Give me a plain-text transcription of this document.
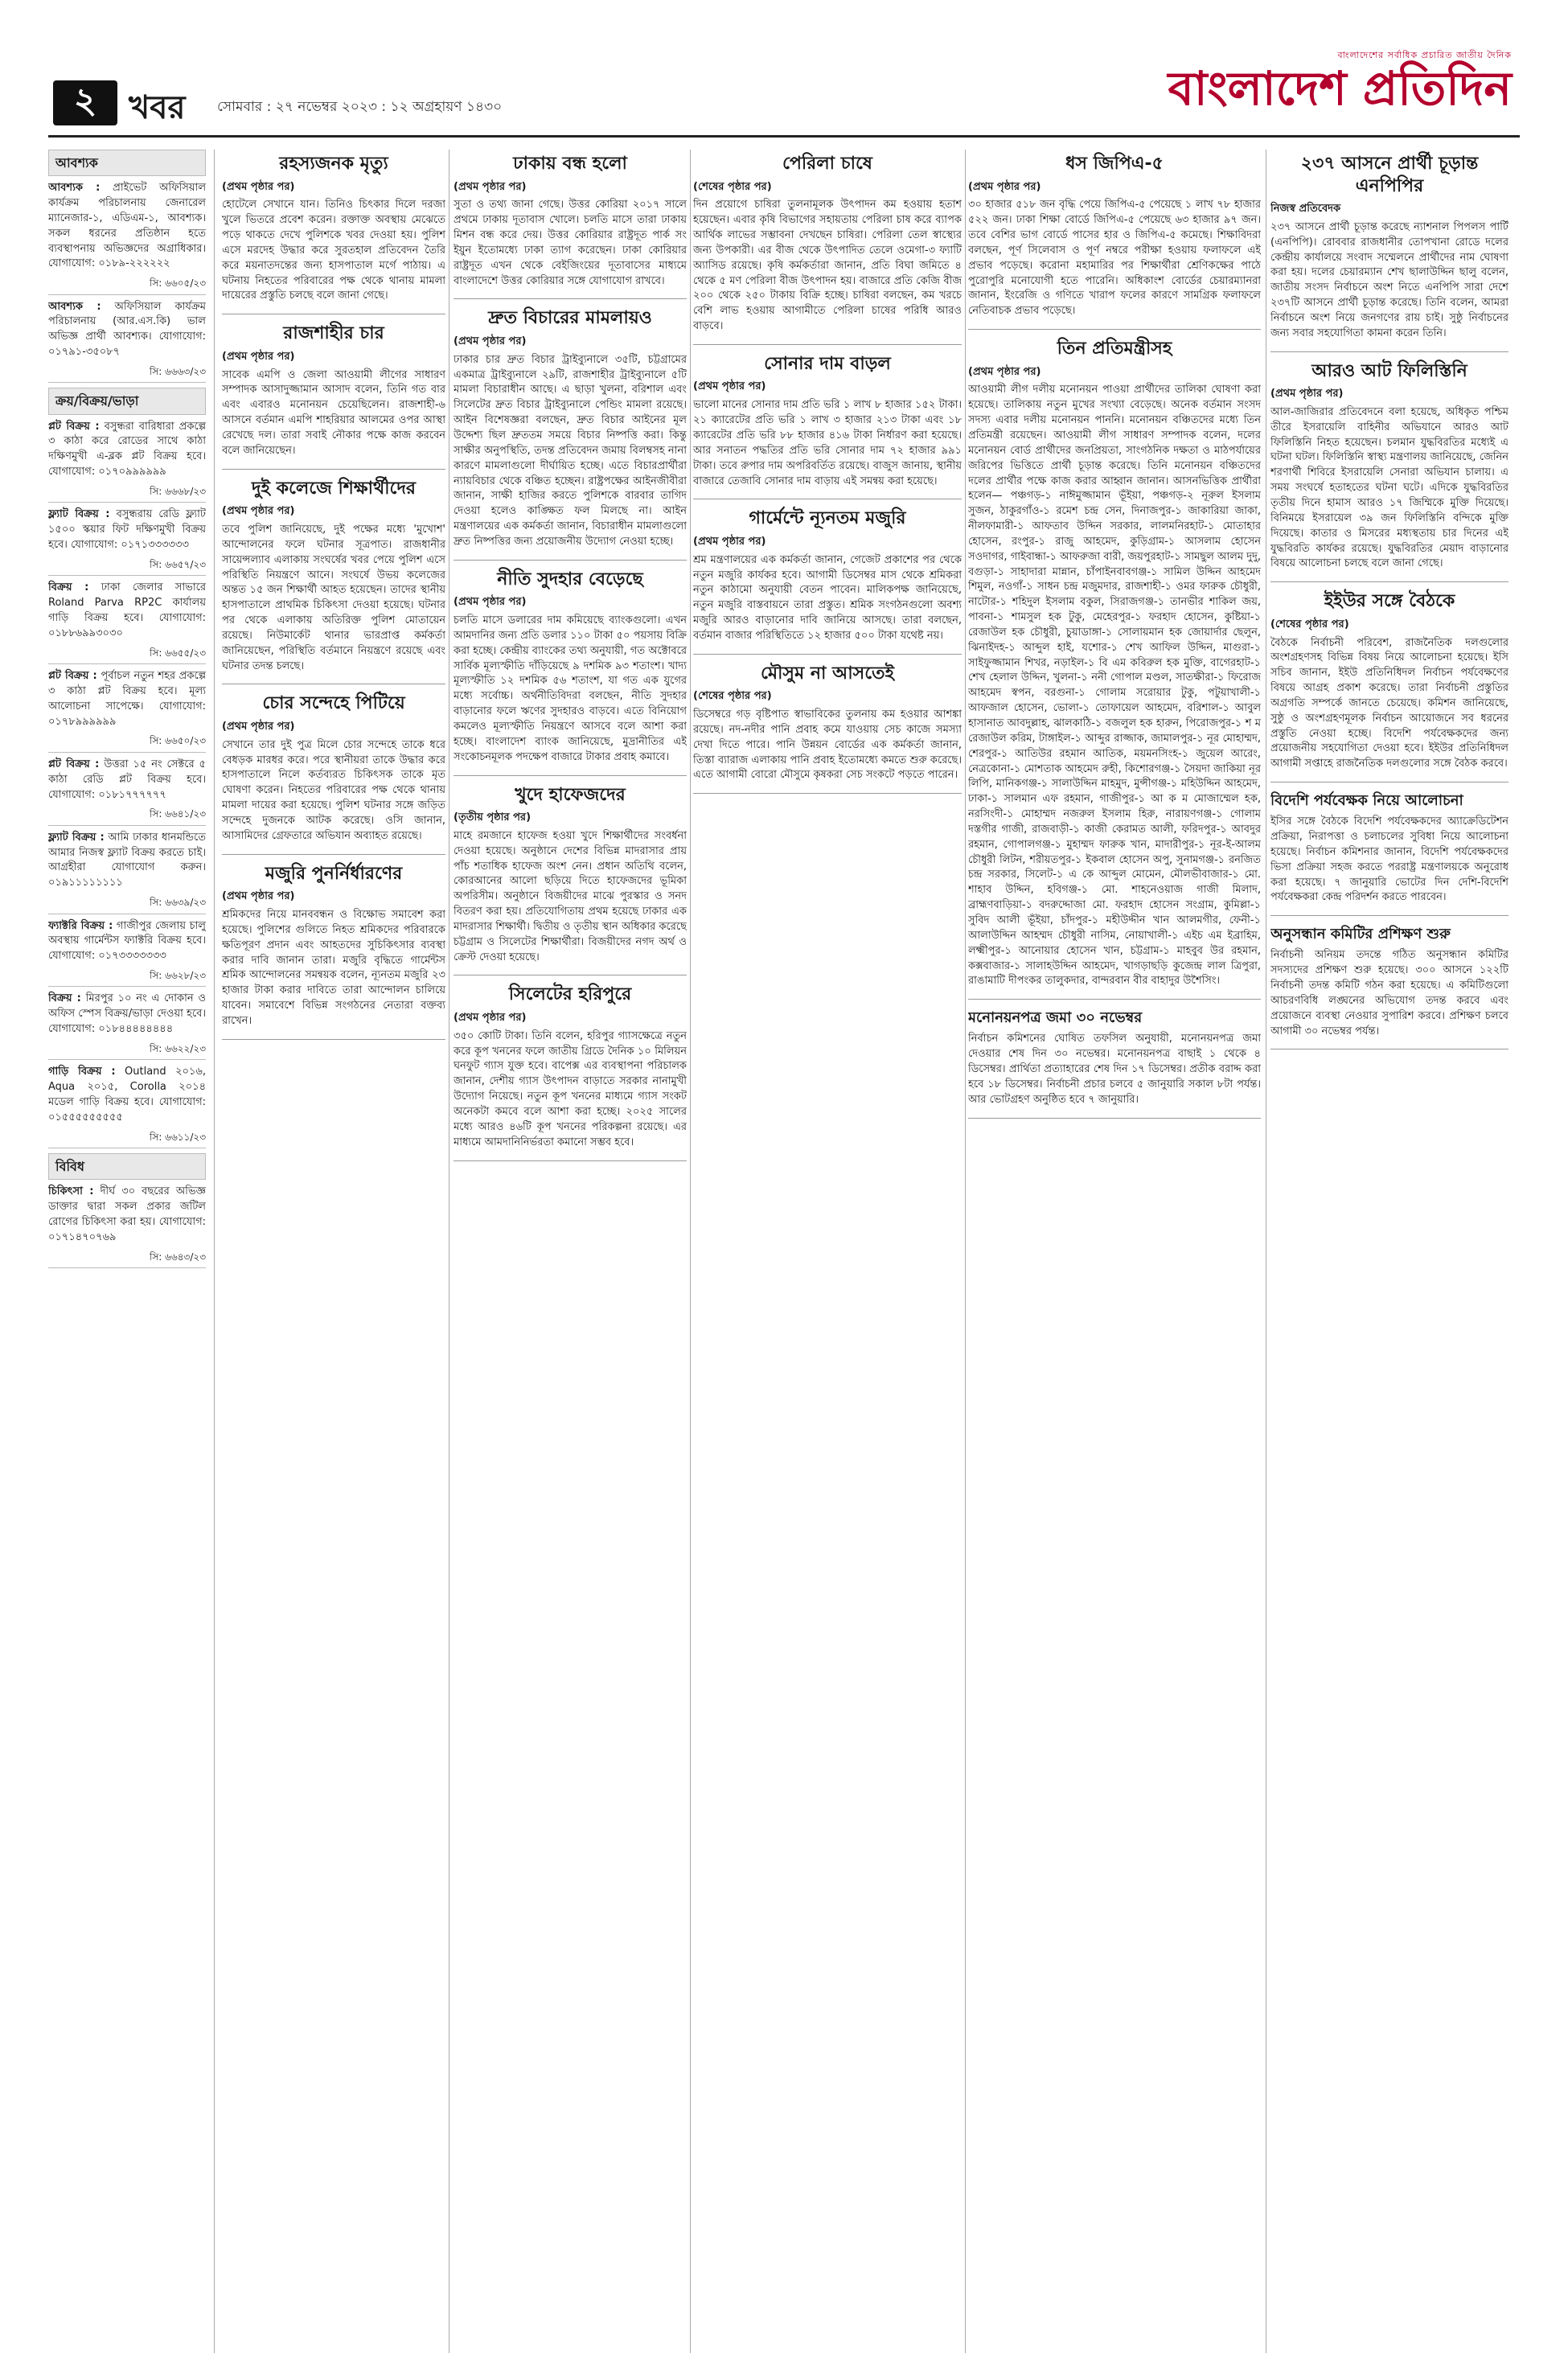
২ খবর সোমবার : ২৭ নভেম্বর ২০২৩ : ১২ অগ্রহায়ণ ১৪৩০
বাংলাদেশের সর্বাধিক প্রচারিত জাতীয় দৈনিক
বাংলাদেশ প্রতিদিন
আবশ্যক

আবশ্যক : প্রাইভেট অফিসিয়াল কার্যক্রম পরিচালনায় জেনারেল ম্যানেজার-১, এডিএম-১, আবশ্যক। সকল ধরনের প্রতিষ্ঠান হতে ব্যবস্থাপনায় অভিজ্ঞদের অগ্রাধিকার। যোগাযোগ: ০১৮৯-২২২২২২

সি: ৬৬০৫/২৩

আবশ্যক : অফিসিয়াল কার্যক্রম পরিচালনায় (আর.এস.কি) ভাল অভিজ্ঞ প্রার্থী আবশ্যক। যোগাযোগ: ০১৭৯১-৩৫০৮৭

সি: ৬৬৬৩/২৩
ক্রয়/বিক্রয়/ভাড়া

প্লট বিক্রয় : বসুন্ধরা বারিধারা প্রকল্পে ৩ কাঠা করে রোডের সাথে কাঠা দক্ষিণমুখী এ-ব্লক প্লট বিক্রয় হবে। যোগাযোগ: ০১৭০৯৯৯৯৯৯

সি: ৬৬৬৮/২৩

ফ্ল্যাট বিক্রয় : বসুন্ধরায় রেডি ফ্ল্যাট ১৫০০ স্কয়ার ফিট দক্ষিণমুখী বিক্রয় হবে। যোগাযোগ: ০১৭১৩৩৩৩৩৩

সি: ৬৬৫৭/২৩

বিক্রয় : ঢাকা জেলার সাভারে Roland Parva RP2C কার্যালয় গাড়ি বিক্রয় হবে। যোগাযোগ: ০১৮৮৬৯৯৩০৩০

সি: ৬৬৫৫/২৩

প্লট বিক্রয় : পূর্বাচল নতুন শহর প্রকল্পে ৩ কাঠা প্লট বিক্রয় হবে। মূল্য আলোচনা সাপেক্ষে। যোগাযোগ: ০১৭৮৯৯৯৯৯৯

সি: ৬৬৫০/২৩

প্লট বিক্রয় : উত্তরা ১৫ নং সেক্টরে ৫ কাঠা রেডি প্লট বিক্রয় হবে। যোগাযোগ: ০১৮১৭৭৭৭৭৭

সি: ৬৬৪১/২৩

ফ্ল্যাট বিক্রয় : আমি ঢাকার ধানমন্ডিতে আমার নিজস্ব ফ্ল্যাট বিক্রয় করতে চাই। আগ্রহীরা যোগাযোগ করুন। ০১৯১১১১১১১১

সি: ৬৬৩৯/২৩

ফ্যাক্টরি বিক্রয় : গাজীপুর জেলায় চালু অবস্থায় গার্মেন্টস ফ্যাক্টরি বিক্রয় হবে। যোগাযোগ: ০১৭৩৩৩৩৩৩৩

সি: ৬৬২৮/২৩

বিক্রয় : মিরপুর ১০ নং এ দোকান ও অফিস স্পেস বিক্রয়/ভাড়া দেওয়া হবে। যোগাযোগ: ০১৮৪৪৪৪৪৪৪৪

সি: ৬৬২২/২৩

গাড়ি বিক্রয় : Outland ২০১৬, Aqua ২০১৫, Corolla ২০১৪ মডেল গাড়ি বিক্রয় হবে। যোগাযোগ: ০১৫৫৫৫৫৫৫৫৫

সি: ৬৬১১/২৩
বিবিধ

চিকিৎসা : দীর্ঘ ৩০ বছরের অভিজ্ঞ ডাক্তার দ্বারা সকল প্রকার জটিল রোগের চিকিৎসা করা হয়। যোগাযোগ: ০১৭১৪৭০৭৬৯

সি: ৬৬৪৩/২৩
রহস্যজনক মৃত্যু
(প্রথম পৃষ্ঠার পর)

হোটেলে সেখানে যান। তিনিও চিৎকার দিলে দরজা খুলে ভিতরে প্রবেশ করেন। রক্তাক্ত অবস্থায় মেঝেতে পড়ে থাকতে দেখে পুলিশকে খবর দেওয়া হয়। পুলিশ এসে মরদেহ উদ্ধার করে সুরতহাল প্রতিবেদন তৈরি করে ময়নাতদন্তের জন্য হাসপাতাল মর্গে পাঠায়। এ ঘটনায় নিহতের পরিবারের পক্ষ থেকে থানায় মামলা দায়েরের প্রস্তুতি চলছে বলে জানা গেছে।

রাজশাহীর চার
(প্রথম পৃষ্ঠার পর)

সাবেক এমপি ও জেলা আওয়ামী লীগের সাধারণ সম্পাদক আসাদুজ্জামান আসাদ বলেন, তিনি গত বার এবং এবারও মনোনয়ন চেয়েছিলেন। রাজশাহী-৬ আসনে বর্তমান এমপি শাহরিয়ার আলমের ওপর আস্থা রেখেছে দল। তারা সবাই নৌকার পক্ষে কাজ করবেন বলে জানিয়েছেন।

দুই কলেজে শিক্ষার্থীদের
(প্রথম পৃষ্ঠার পর)

তবে পুলিশ জানিয়েছে, দুই পক্ষের মধ্যে 'মুখোশ' আন্দোলনের ফলে ঘটনার সূত্রপাত। রাজধানীর সায়েন্সল্যাব এলাকায় সংঘর্ষের খবর পেয়ে পুলিশ এসে পরিস্থিতি নিয়ন্ত্রণে আনে। সংঘর্ষে উভয় কলেজের অন্তত ১৫ জন শিক্ষার্থী আহত হয়েছেন। তাদের স্থানীয় হাসপাতালে প্রাথমিক চিকিৎসা দেওয়া হয়েছে। ঘটনার পর থেকে এলাকায় অতিরিক্ত পুলিশ মোতায়েন রয়েছে। নিউমার্কেট থানার ভারপ্রাপ্ত কর্মকর্তা জানিয়েছেন, পরিস্থিতি বর্তমানে নিয়ন্ত্রণে রয়েছে এবং ঘটনার তদন্ত চলছে।

চোর সন্দেহে পিটিয়ে
(প্রথম পৃষ্ঠার পর)

সেখানে তার দুই পুত্র মিলে চোর সন্দেহে তাকে ধরে বেধড়ক মারধর করে। পরে স্থানীয়রা তাকে উদ্ধার করে হাসপাতালে নিলে কর্তব্যরত চিকিৎসক তাকে মৃত ঘোষণা করেন। নিহতের পরিবারের পক্ষ থেকে থানায় মামলা দায়ের করা হয়েছে। পুলিশ ঘটনার সঙ্গে জড়িত সন্দেহে দুজনকে আটক করেছে। ওসি জানান, আসামিদের গ্রেফতারে অভিযান অব্যাহত রয়েছে।

মজুরি পুনর্নির্ধারণের
(প্রথম পৃষ্ঠার পর)

শ্রমিকদের নিয়ে মানববন্ধন ও বিক্ষোভ সমাবেশ করা হয়েছে। পুলিশের গুলিতে নিহত শ্রমিকদের পরিবারকে ক্ষতিপূরণ প্রদান এবং আহতদের সুচিকিৎসার ব্যবস্থা করার দাবি জানান তারা। মজুরি বৃদ্ধিতে গার্মেন্টস শ্রমিক আন্দোলনের সমন্বয়ক বলেন, ন্যূনতম মজুরি ২৩ হাজার টাকা করার দাবিতে তারা আন্দোলন চালিয়ে যাবেন। সমাবেশে বিভিন্ন সংগঠনের নেতারা বক্তব্য রাখেন।

ঢাকায় বন্ধ হলো
(প্রথম পৃষ্ঠার পর)

সুতা ও তথ্য জানা গেছে। উত্তর কোরিয়া ২০১৭ সালে প্রথমে ঢাকায় দূতাবাস খোলে। চলতি মাসে তারা ঢাকায় মিশন বন্ধ করে দেয়। উত্তর কোরিয়ার রাষ্ট্রদূত পার্ক সং ইয়ুন ইতোমধ্যে ঢাকা ত্যাগ করেছেন। ঢাকা কোরিয়ার রাষ্ট্রদূত এখন থেকে বেইজিংয়ের দূতাবাসের মাধ্যমে বাংলাদেশে উত্তর কোরিয়ার সঙ্গে যোগাযোগ রাখবে।

দ্রুত বিচারের মামলায়ও
(প্রথম পৃষ্ঠার পর)

ঢাকার চার দ্রুত বিচার ট্রাইব্যুনালে ৩৫টি, চট্টগ্রামের একমাত্র ট্রাইব্যুনালে ২৯টি, রাজশাহীর ট্রাইব্যুনালে ৫টি মামলা বিচারাধীন আছে। এ ছাড়া খুলনা, বরিশাল এবং সিলেটের দ্রুত বিচার ট্রাইব্যুনালে পেন্ডিং মামলা রয়েছে। আইন বিশেষজ্ঞরা বলছেন, দ্রুত বিচার আইনের মূল উদ্দেশ্য ছিল দ্রুততম সময়ে বিচার নিষ্পত্তি করা। কিন্তু সাক্ষীর অনুপস্থিতি, তদন্ত প্রতিবেদন জমায় বিলম্বসহ নানা কারণে মামলাগুলো দীর্ঘায়িত হচ্ছে। এতে বিচারপ্রার্থীরা ন্যায়বিচার থেকে বঞ্চিত হচ্ছেন। রাষ্ট্রপক্ষের আইনজীবীরা জানান, সাক্ষী হাজির করতে পুলিশকে বারবার তাগিদ দেওয়া হলেও কাঙ্ক্ষিত ফল মিলছে না। আইন মন্ত্রণালয়ের এক কর্মকর্তা জানান, বিচারাধীন মামলাগুলো দ্রুত নিষ্পত্তির জন্য প্রয়োজনীয় উদ্যোগ নেওয়া হচ্ছে।

নীতি সুদহার বেড়েছে
(প্রথম পৃষ্ঠার পর)

চলতি মাসে ডলারের দাম কমিয়েছে ব্যাংকগুলো। এখন আমদানির জন্য প্রতি ডলার ১১০ টাকা ৫০ পয়সায় বিক্রি করা হচ্ছে। কেন্দ্রীয় ব্যাংকের তথ্য অনুযায়ী, গত অক্টোবরে সার্বিক মূল্যস্ফীতি দাঁড়িয়েছে ৯ দশমিক ৯৩ শতাংশ। খাদ্য মূল্যস্ফীতি ১২ দশমিক ৫৬ শতাংশ, যা গত এক যুগের মধ্যে সর্বোচ্চ। অর্থনীতিবিদরা বলছেন, নীতি সুদহার বাড়ানোর ফলে ঋণের সুদহারও বাড়বে। এতে বিনিয়োগ কমলেও মূল্যস্ফীতি নিয়ন্ত্রণে আসবে বলে আশা করা হচ্ছে। বাংলাদেশ ব্যাংক জানিয়েছে, মুদ্রানীতির এই সংকোচনমূলক পদক্ষেপ বাজারে টাকার প্রবাহ কমাবে।

খুদে হাফেজদের
(তৃতীয় পৃষ্ঠার পর)

মাহে রমজানে হাফেজ হওয়া খুদে শিক্ষার্থীদের সংবর্ধনা দেওয়া হয়েছে। অনুষ্ঠানে দেশের বিভিন্ন মাদরাসার প্রায় পাঁচ শতাধিক হাফেজ অংশ নেন। প্রধান অতিথি বলেন, কোরআনের আলো ছড়িয়ে দিতে হাফেজদের ভূমিকা অপরিসীম। অনুষ্ঠানে বিজয়ীদের মাঝে পুরস্কার ও সনদ বিতরণ করা হয়। প্রতিযোগিতায় প্রথম হয়েছে ঢাকার এক মাদরাসার শিক্ষার্থী। দ্বিতীয় ও তৃতীয় স্থান অধিকার করেছে চট্টগ্রাম ও সিলেটের শিক্ষার্থীরা। বিজয়ীদের নগদ অর্থ ও ক্রেস্ট দেওয়া হয়েছে।

সিলেটের হরিপুরে
(প্রথম পৃষ্ঠার পর)

৩৫০ কোটি টাকা। তিনি বলেন, হরিপুর গ্যাসক্ষেত্রে নতুন করে কূপ খননের ফলে জাতীয় গ্রিডে দৈনিক ১০ মিলিয়ন ঘনফুট গ্যাস যুক্ত হবে। বাপেক্স এর ব্যবস্থাপনা পরিচালক জানান, দেশীয় গ্যাস উৎপাদন বাড়াতে সরকার নানামুখী উদ্যোগ নিয়েছে। নতুন কূপ খননের মাধ্যমে গ্যাস সংকট অনেকটা কমবে বলে আশা করা হচ্ছে। ২০২৫ সালের মধ্যে আরও ৪৬টি কূপ খননের পরিকল্পনা রয়েছে। এর মাধ্যমে আমদানিনির্ভরতা কমানো সম্ভব হবে।

পেরিলা চাষে
(শেষের পৃষ্ঠার পর)

দিন প্রয়োগে চাষিরা তুলনামূলক উৎপাদন কম হওয়ায় হতাশ হয়েছেন। এবার কৃষি বিভাগের সহায়তায় পেরিলা চাষ করে ব্যাপক আর্থিক লাভের সম্ভাবনা দেখছেন চাষিরা। পেরিলা তেল স্বাস্থ্যের জন্য উপকারী। এর বীজ থেকে উৎপাদিত তেলে ওমেগা-৩ ফ্যাটি অ্যাসিড রয়েছে। কৃষি কর্মকর্তারা জানান, প্রতি বিঘা জমিতে ৪ থেকে ৫ মণ পেরিলা বীজ উৎপাদন হয়। বাজারে প্রতি কেজি বীজ ২০০ থেকে ২৫০ টাকায় বিক্রি হচ্ছে। চাষিরা বলছেন, কম খরচে বেশি লাভ হওয়ায় আগামীতে পেরিলা চাষের পরিধি আরও বাড়বে।

সোনার দাম বাড়ল
(প্রথম পৃষ্ঠার পর)

ভালো মানের সোনার দাম প্রতি ভরি ১ লাখ ৮ হাজার ১৫২ টাকা। ২১ ক্যারেটের প্রতি ভরি ১ লাখ ৩ হাজার ২১৩ টাকা এবং ১৮ ক্যারেটের প্রতি ভরি ৮৮ হাজার ৪১৬ টাকা নির্ধারণ করা হয়েছে। আর সনাতন পদ্ধতির প্রতি ভরি সোনার দাম ৭২ হাজার ৯৯১ টাকা। তবে রুপার দাম অপরিবর্তিত রয়েছে। বাজুস জানায়, স্থানীয় বাজারে তেজাবি সোনার দাম বাড়ায় এই সমন্বয় করা হয়েছে।

গার্মেন্টে ন্যূনতম মজুরি
(প্রথম পৃষ্ঠার পর)

শ্রম মন্ত্রণালয়ের এক কর্মকর্তা জানান, গেজেট প্রকাশের পর থেকে নতুন মজুরি কার্যকর হবে। আগামী ডিসেম্বর মাস থেকে শ্রমিকরা নতুন কাঠামো অনুযায়ী বেতন পাবেন। মালিকপক্ষ জানিয়েছে, নতুন মজুরি বাস্তবায়নে তারা প্রস্তুত। শ্রমিক সংগঠনগুলো অবশ্য মজুরি আরও বাড়ানোর দাবি জানিয়ে আসছে। তারা বলছেন, বর্তমান বাজার পরিস্থিতিতে ১২ হাজার ৫০০ টাকা যথেষ্ট নয়।

মৌসুম না আসতেই
(শেষের পৃষ্ঠার পর)

ডিসেম্বরে গড় বৃষ্টিপাত স্বাভাবিকের তুলনায় কম হওয়ার আশঙ্কা রয়েছে। নদ-নদীর পানি প্রবাহ কমে যাওয়ায় সেচ কাজে সমস্যা দেখা দিতে পারে। পানি উন্নয়ন বোর্ডের এক কর্মকর্তা জানান, তিস্তা ব্যারাজ এলাকায় পানি প্রবাহ ইতোমধ্যে কমতে শুরু করেছে। এতে আগামী বোরো মৌসুমে কৃষকরা সেচ সংকটে পড়তে পারেন।

ধস জিপিএ-৫
(প্রথম পৃষ্ঠার পর)

৩০ হাজার ৫১৮ জন বৃদ্ধি পেয়ে জিপিএ-৫ পেয়েছে ১ লাখ ৭৮ হাজার ৫২২ জন। ঢাকা শিক্ষা বোর্ডে জিপিএ-৫ পেয়েছে ৬৩ হাজার ৯৭ জন। তবে বেশির ভাগ বোর্ডে পাসের হার ও জিপিএ-৫ কমেছে। শিক্ষাবিদরা বলছেন, পূর্ণ সিলেবাস ও পূর্ণ নম্বরে পরীক্ষা হওয়ায় ফলাফলে এই প্রভাব পড়েছে। করোনা মহামারির পর শিক্ষার্থীরা শ্রেণিকক্ষের পাঠে পুরোপুরি মনোযোগী হতে পারেনি। অধিকাংশ বোর্ডের চেয়ারম্যানরা জানান, ইংরেজি ও গণিতে খারাপ ফলের কারণে সামগ্রিক ফলাফলে নেতিবাচক প্রভাব পড়েছে।

তিন প্রতিমন্ত্রীসহ
(প্রথম পৃষ্ঠার পর)

আওয়ামী লীগ দলীয় মনোনয়ন পাওয়া প্রার্থীদের তালিকা ঘোষণা করা হয়েছে। তালিকায় নতুন মুখের সংখ্যা বেড়েছে। অনেক বর্তমান সংসদ সদস্য এবার দলীয় মনোনয়ন পাননি। মনোনয়ন বঞ্চিতদের মধ্যে তিন প্রতিমন্ত্রী রয়েছেন। আওয়ামী লীগ সাধারণ সম্পাদক বলেন, দলের মনোনয়ন বোর্ড প্রার্থীদের জনপ্রিয়তা, সাংগঠনিক দক্ষতা ও মাঠপর্যায়ের জরিপের ভিত্তিতে প্রার্থী চূড়ান্ত করেছে। তিনি মনোনয়ন বঞ্চিতদের দলের প্রার্থীর পক্ষে কাজ করার আহ্বান জানান। আসনভিত্তিক প্রার্থীরা হলেন— পঞ্চগড়-১ নাঈমুজ্জামান ভূঁইয়া, পঞ্চগড়-২ নূরুল ইসলাম সুজন, ঠাকুরগাঁও-১ রমেশ চন্দ্র সেন, দিনাজপুর-১ জাকারিয়া জাকা, নীলফামারী-১ আফতাব উদ্দিন সরকার, লালমনিরহাট-১ মোতাহার হোসেন, রংপুর-১ রাজু আহমেদ, কুড়িগ্রাম-১ আসলাম হোসেন সওদাগর, গাইবান্ধা-১ আফরুজা বারী, জয়পুরহাট-১ সামছুল আলম দুদু, বগুড়া-১ সাহাদারা মান্নান, চাঁপাইনবাবগঞ্জ-১ সামিল উদ্দিন আহমেদ শিমুল, নওগাঁ-১ সাধন চন্দ্র মজুমদার, রাজশাহী-১ ওমর ফারুক চৌধুরী, নাটোর-১ শহিদুল ইসলাম বকুল, সিরাজগঞ্জ-১ তানভীর শাকিল জয়, পাবনা-১ শামসুল হক টুকু, মেহেরপুর-১ ফরহাদ হোসেন, কুষ্টিয়া-১ রেজাউল হক চৌধুরী, চুয়াডাঙ্গা-১ সোলায়মান হক জোয়ার্দার ছেলুন, ঝিনাইদহ-১ আব্দুল হাই, যশোর-১ শেখ আফিল উদ্দিন, মাগুরা-১ সাইফুজ্জামান শিখর, নড়াইল-১ বি এম কবিরুল হক মুক্তি, বাগেরহাট-১ শেখ হেলাল উদ্দিন, খুলনা-১ ননী গোপাল মণ্ডল, সাতক্ষীরা-১ ফিরোজ আহমেদ স্বপন, বরগুনা-১ গোলাম সরোয়ার টুকু, পটুয়াখালী-১ আফজাল হোসেন, ভোলা-১ তোফায়েল আহমেদ, বরিশাল-১ আবুল হাসানাত আবদুল্লাহ, ঝালকাঠি-১ বজলুল হক হারুন, পিরোজপুর-১ শ ম রেজাউল করিম, টাঙ্গাইল-১ আব্দুর রাজ্জাক, জামালপুর-১ নূর মোহাম্মদ, শেরপুর-১ আতিউর রহমান আতিক, ময়মনসিংহ-১ জুয়েল আরেং, নেত্রকোনা-১ মোশতাক আহমেদ রুহী, কিশোরগঞ্জ-১ সৈয়দা জাকিয়া নূর লিপি, মানিকগঞ্জ-১ সালাউদ্দিন মাহমুদ, মুন্সীগঞ্জ-১ মহিউদ্দিন আহমেদ, ঢাকা-১ সালমান এফ রহমান, গাজীপুর-১ আ ক ম মোজাম্মেল হক, নরসিংদী-১ মোহাম্মদ নজরুল ইসলাম হিরু, নারায়ণগঞ্জ-১ গোলাম দস্তগীর গাজী, রাজবাড়ী-১ কাজী কেরামত আলী, ফরিদপুর-১ আবদুর রহমান, গোপালগঞ্জ-১ মুহাম্মদ ফারুক খান, মাদারীপুর-১ নূর-ই-আলম চৌধুরী লিটন, শরীয়তপুর-১ ইকবাল হোসেন অপু, সুনামগঞ্জ-১ রনজিত চন্দ্র সরকার, সিলেট-১ এ কে আব্দুল মোমেন, মৌলভীবাজার-১ মো. শাহাব উদ্দিন, হবিগঞ্জ-১ মো. শাহনেওয়াজ গাজী মিলাদ, ব্রাহ্মণবাড়িয়া-১ বদরুদ্দোজা মো. ফরহাদ হোসেন সংগ্রাম, কুমিল্লা-১ সুবিদ আলী ভূঁইয়া, চাঁদপুর-১ মহীউদ্দীন খান আলমগীর, ফেনী-১ আলাউদ্দিন আহম্মদ চৌধুরী নাসিম, নোয়াখালী-১ এইচ এম ইব্রাহিম, লক্ষ্মীপুর-১ আনোয়ার হোসেন খান, চট্টগ্রাম-১ মাহবুব উর রহমান, কক্সবাজার-১ সালাহউদ্দিন আহমেদ, খাগড়াছড়ি কুজেন্দ্র লাল ত্রিপুরা, রাঙামাটি দীপংকর তালুকদার, বান্দরবান বীর বাহাদুর উশৈসিং।

মনোনয়নপত্র জমা ৩০ নভেম্বর

নির্বাচন কমিশনের ঘোষিত তফসিল অনুযায়ী, মনোনয়নপত্র জমা দেওয়ার শেষ দিন ৩০ নভেম্বর। মনোনয়নপত্র বাছাই ১ থেকে ৪ ডিসেম্বর। প্রার্থিতা প্রত্যাহারের শেষ দিন ১৭ ডিসেম্বর। প্রতীক বরাদ্দ করা হবে ১৮ ডিসেম্বর। নির্বাচনী প্রচার চলবে ৫ জানুয়ারি সকাল ৮টা পর্যন্ত। আর ভোটগ্রহণ অনুষ্ঠিত হবে ৭ জানুয়ারি।

২৩৭ আসনে প্রার্থী চূড়ান্ত এনপিপির
নিজস্ব প্রতিবেদক

২৩৭ আসনে প্রার্থী চূড়ান্ত করেছে ন্যাশনাল পিপলস পার্টি (এনপিপি)। রোববার রাজধানীর তোপখানা রোডে দলের কেন্দ্রীয় কার্যালয়ে সংবাদ সম্মেলনে প্রার্থীদের নাম ঘোষণা করা হয়। দলের চেয়ারম্যান শেখ ছালাউদ্দিন ছালু বলেন, জাতীয় সংসদ নির্বাচনে অংশ নিতে এনপিপি সারা দেশে ২৩৭টি আসনে প্রার্থী চূড়ান্ত করেছে। তিনি বলেন, আমরা নির্বাচনে অংশ নিয়ে জনগণের রায় চাই। সুষ্ঠু নির্বাচনের জন্য সবার সহযোগিতা কামনা করেন তিনি।

আরও আট ফিলিস্তিনি
(প্রথম পৃষ্ঠার পর)

আল-জাজিরার প্রতিবেদনে বলা হয়েছে, অধিকৃত পশ্চিম তীরে ইসরায়েলি বাহিনীর অভিযানে আরও আট ফিলিস্তিনি নিহত হয়েছেন। চলমান যুদ্ধবিরতির মধ্যেই এ ঘটনা ঘটল। ফিলিস্তিনি স্বাস্থ্য মন্ত্রণালয় জানিয়েছে, জেনিন শরণার্থী শিবিরে ইসরায়েলি সেনারা অভিযান চালায়। এ সময় সংঘর্ষে হতাহতের ঘটনা ঘটে। এদিকে যুদ্ধবিরতির তৃতীয় দিনে হামাস আরও ১৭ জিম্মিকে মুক্তি দিয়েছে। বিনিময়ে ইসরায়েল ৩৯ জন ফিলিস্তিনি বন্দিকে মুক্তি দিয়েছে। কাতার ও মিসরের মধ্যস্থতায় চার দিনের এই যুদ্ধবিরতি কার্যকর রয়েছে। যুদ্ধবিরতির মেয়াদ বাড়ানোর বিষয়ে আলোচনা চলছে বলে জানা গেছে।

ইইউর সঙ্গে বৈঠকে
(শেষের পৃষ্ঠার পর)

বৈঠকে নির্বাচনী পরিবেশ, রাজনৈতিক দলগুলোর অংশগ্রহণসহ বিভিন্ন বিষয় নিয়ে আলোচনা হয়েছে। ইসি সচিব জানান, ইইউ প্রতিনিধিদল নির্বাচন পর্যবেক্ষণের বিষয়ে আগ্রহ প্রকাশ করেছে। তারা নির্বাচনী প্রস্তুতির অগ্রগতি সম্পর্কে জানতে চেয়েছে। কমিশন জানিয়েছে, সুষ্ঠু ও অংশগ্রহণমূলক নির্বাচন আয়োজনে সব ধরনের প্রস্তুতি নেওয়া হচ্ছে। বিদেশি পর্যবেক্ষকদের জন্য প্রয়োজনীয় সহযোগিতা দেওয়া হবে। ইইউর প্রতিনিধিদল আগামী সপ্তাহে রাজনৈতিক দলগুলোর সঙ্গে বৈঠক করবে।

বিদেশি পর্যবেক্ষক নিয়ে আলোচনা

ইসির সঙ্গে বৈঠকে বিদেশি পর্যবেক্ষকদের অ্যাক্রেডিটেশন প্রক্রিয়া, নিরাপত্তা ও চলাচলের সুবিধা নিয়ে আলোচনা হয়েছে। নির্বাচন কমিশনার জানান, বিদেশি পর্যবেক্ষকদের ভিসা প্রক্রিয়া সহজ করতে পররাষ্ট্র মন্ত্রণালয়কে অনুরোধ করা হয়েছে। ৭ জানুয়ারি ভোটের দিন দেশি-বিদেশি পর্যবেক্ষকরা কেন্দ্র পরিদর্শন করতে পারবেন।

অনুসন্ধান কমিটির প্রশিক্ষণ শুরু

নির্বাচনী অনিয়ম তদন্তে গঠিত অনুসন্ধান কমিটির সদস্যদের প্রশিক্ষণ শুরু হয়েছে। ৩০০ আসনে ১২২টি নির্বাচনী তদন্ত কমিটি গঠন করা হয়েছে। এ কমিটিগুলো আচরণবিধি লঙ্ঘনের অভিযোগ তদন্ত করবে এবং প্রয়োজনে ব্যবস্থা নেওয়ার সুপারিশ করবে। প্রশিক্ষণ চলবে আগামী ৩০ নভেম্বর পর্যন্ত।
